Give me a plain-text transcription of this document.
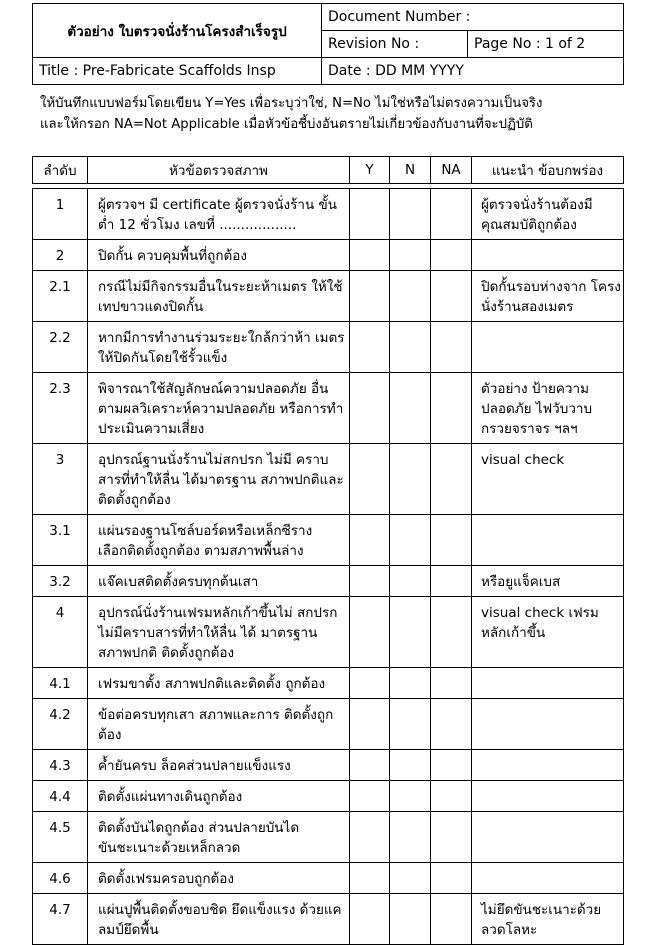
ตัวอย่าง ใบตรวจนั่งร้านโครงสำเร็จรูป	Document Number :	
	Revision No :	Page No : 1 of 2
Title : Pre-Fabricate Scaffolds Insp	Date : DD MM YYYY	
ให้บันทึกแบบฟอร์มโดยเขียน Y=Yes เพื่อระบุว่าใช่, N=No ไม่ใช่หรือไม่ตรงความเป็นจริง
และให้กรอก NA=Not Applicable เมื่อหัวข้อชี้บ่งอันตรายไม่เกี่ยวข้องกับงานที่จะปฏิบัติ
ลำดับ	หัวข้อตรวจสภาพ	Y	N	NA	แนะนำ ข้อบกพร่อง

1	ผู้ตรวจฯ มี certificate ผู้ตรวจนั่งร้าน ขั้นต่ำ 12 ชั่วโมง เลขที่ ..................				ผู้ตรวจนั่งร้านต้องมี คุณสมบัติถูกต้อง
2	ปิดกั้น ควบคุมพื้นที่ถูกต้อง				
2.1	กรณีไม่มีกิจกรรมอื่นในระยะห้าเมตร ให้ใช้เทปขาวแดงปิดกั้น				ปิดกั้นรอบห่างจาก โครงนั่งร้านสองเมตร
2.2	หากมีการทำงานร่วมระยะใกล้กว่าห้า เมตร ให้ปิดกันโดยใช้รั้วแข็ง				
2.3	พิจารณาใช้สัญลักษณ์ความปลอดภัย อื่น ตามผลวิเคราะห์ความปลอดภัย หรือการทำประเมินความเสี่ยง				ตัวอย่าง ป้ายความ ปลอดภัย ไฟวับวาบ กรวยจราจร ฯลฯ
3	อุปกรณ์ฐานนั่งร้านไม่สกปรก ไม่มี คราบสารที่ทำให้ลื่น ได้มาตรฐาน สภาพปกติและติดตั้งถูกต้อง				visual check
3.1	แผ่นรองฐานโซล์บอร์ดหรือเหล็กซีราง เลือกติดตั้งถูกต้อง ตามสภาพพื้นล่าง				
3.2	แจ๊คเบสติดตั้งครบทุกต้นเสา				หรือยูแจ็คเบส
4	อุปกรณ์นั่งร้านเฟรมหลักเก้าขึ้นไม่ สกปรก ไม่มีคราบสารที่ทำให้ลื่น ได้ มาตรฐาน สภาพปกติ ติดตั้งถูกต้อง				visual check เฟรม หลักเก้าขึ้น
4.1	เฟรมขาตั้ง สภาพปกติและติดตั้ง ถูกต้อง				
4.2	ข้อต่อครบทุกเสา สภาพและการ ติดตั้งถูกต้อง				
4.3	ค้ำยันครบ ล็อคส่วนปลายแข็งแรง				
4.4	ติดตั้งแผ่นทางเดินถูกต้อง				
4.5	ติดตั้งบันไดถูกต้อง ส่วนปลายบันได ขันชะเนาะด้วยเหล็กลวด				
4.6	ติดตั้งเฟรมครอบถูกต้อง				
4.7	แผ่นปูพื้นติดตั้งขอบชิด ยึดแข็งแรง ด้วยแคลมป์ยึดพื้น				ไม่ยึดขันชะเนาะด้วย ลวดโลหะ
